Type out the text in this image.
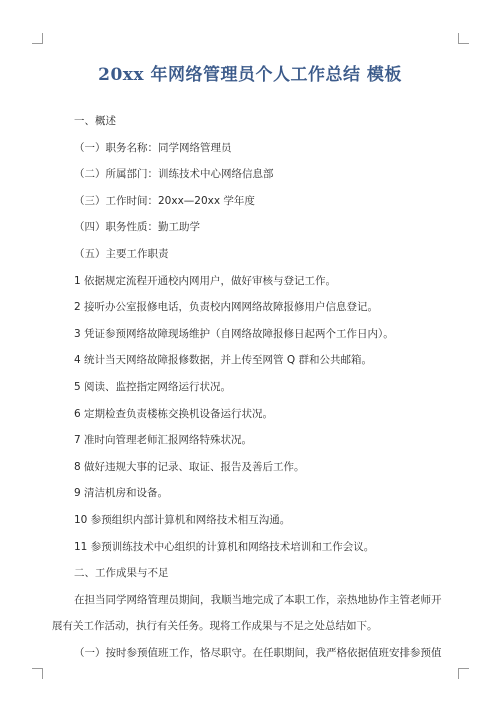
20xx 年网络管理员个人工作总结 模板
一、概述
（一）职务名称：同学网络管理员
（二）所属部门：训练技术中心网络信息部
（三）工作时间：20xx—20xx 学年度
（四）职务性质：勤工助学
（五）主要工作职责
1 依据规定流程开通校内网用户，做好审核与登记工作。
2 接听办公室报修电话，负责校内网网络故障报修用户信息登记。
3 凭证参预网络故障现场维护（自网络故障报修日起两个工作日内）。
4 统计当天网络故障报修数据，并上传至网管 Q 群和公共邮箱。
5 阅读、监控指定网络运行状况。
6 定期检查负责楼栋交换机设备运行状况。
7 准时向管理老师汇报网络特殊状况。
8 做好违规大事的记录、取证、报告及善后工作。
9 清洁机房和设备。
10 参预组织内部计算机和网络技术相互沟通。
11 参预训练技术中心组织的计算机和网络技术培训和工作会议。
二、工作成果与不足
在担当同学网络管理员期间，我顺当地完成了本职工作，亲热地协作主管老师开
展有关工作活动，执行有关任务。现将工作成果与不足之处总结如下。
（一）按时参预值班工作，恪尽职守。在任职期间，我严格依据值班安排参预值
